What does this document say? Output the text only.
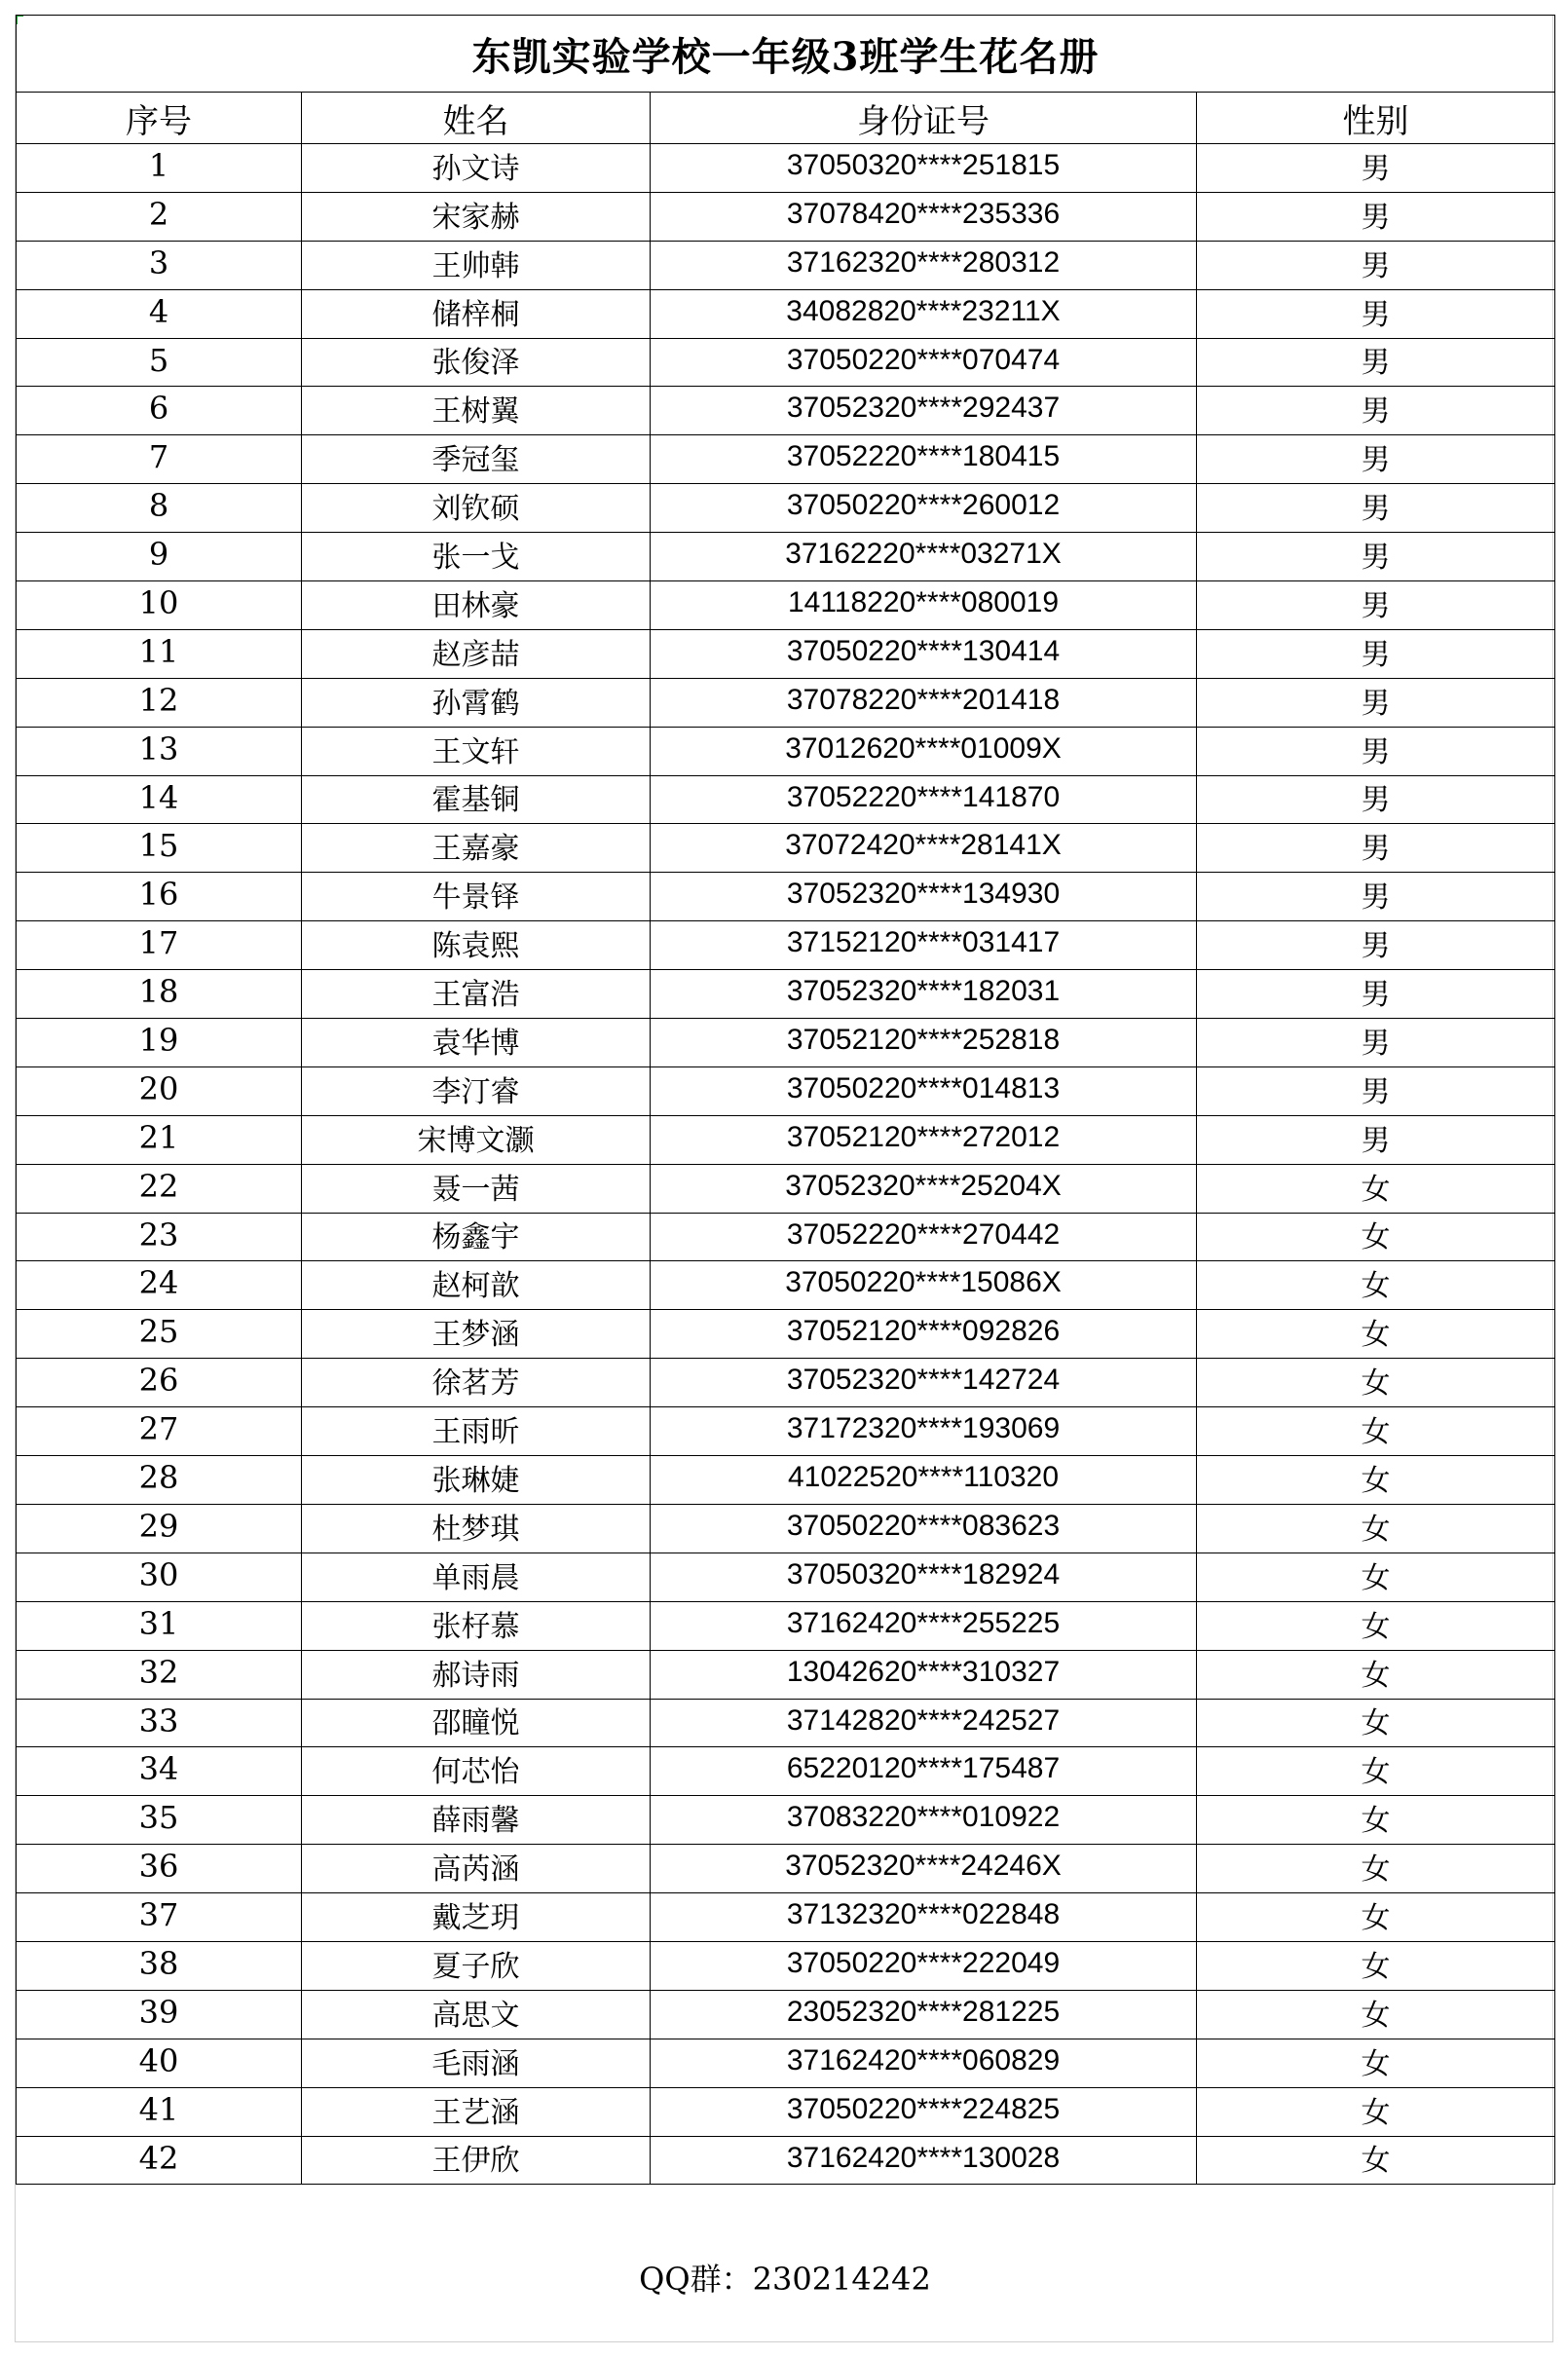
东凯实验学校一年级3班学生花名册			
序号	姓名	身份证号	性别
1	孙文诗	37050320****251815	男
2	宋家赫	37078420****235336	男
3	王帅韩	37162320****280312	男
4	储梓桐	34082820****23211X	男
5	张俊泽	37050220****070474	男
6	王树翼	37052320****292437	男
7	季冠玺	37052220****180415	男
8	刘钦硕	37050220****260012	男
9	张一戈	37162220****03271X	男
10	田林豪	14118220****080019	男
11	赵彦喆	37050220****130414	男
12	孙霄鹤	37078220****201418	男
13	王文轩	37012620****01009X	男
14	霍基铜	37052220****141870	男
15	王嘉豪	37072420****28141X	男
16	牛景铎	37052320****134930	男
17	陈袁熙	37152120****031417	男
18	王富浩	37052320****182031	男
19	袁华博	37052120****252818	男
20	李汀睿	37050220****014813	男
21	宋博文灏	37052120****272012	男
22	聂一茜	37052320****25204X	女
23	杨鑫宇	37052220****270442	女
24	赵柯歆	37050220****15086X	女
25	王梦涵	37052120****092826	女
26	徐茗芳	37052320****142724	女
27	王雨昕	37172320****193069	女
28	张琳婕	41022520****110320	女
29	杜梦琪	37050220****083623	女
30	单雨晨	37050320****182924	女
31	张杍慕	37162420****255225	女
32	郝诗雨	13042620****310327	女
33	邵瞳悦	37142820****242527	女
34	何芯怡	65220120****175487	女
35	薛雨馨	37083220****010922	女
36	高芮涵	37052320****24246X	女
37	戴芝玥	37132320****022848	女
38	夏子欣	37050220****222049	女
39	高思文	23052320****281225	女
40	毛雨涵	37162420****060829	女
41	王艺涵	37050220****224825	女
42	王伊欣	37162420****130028	女
QQ群：230214242
